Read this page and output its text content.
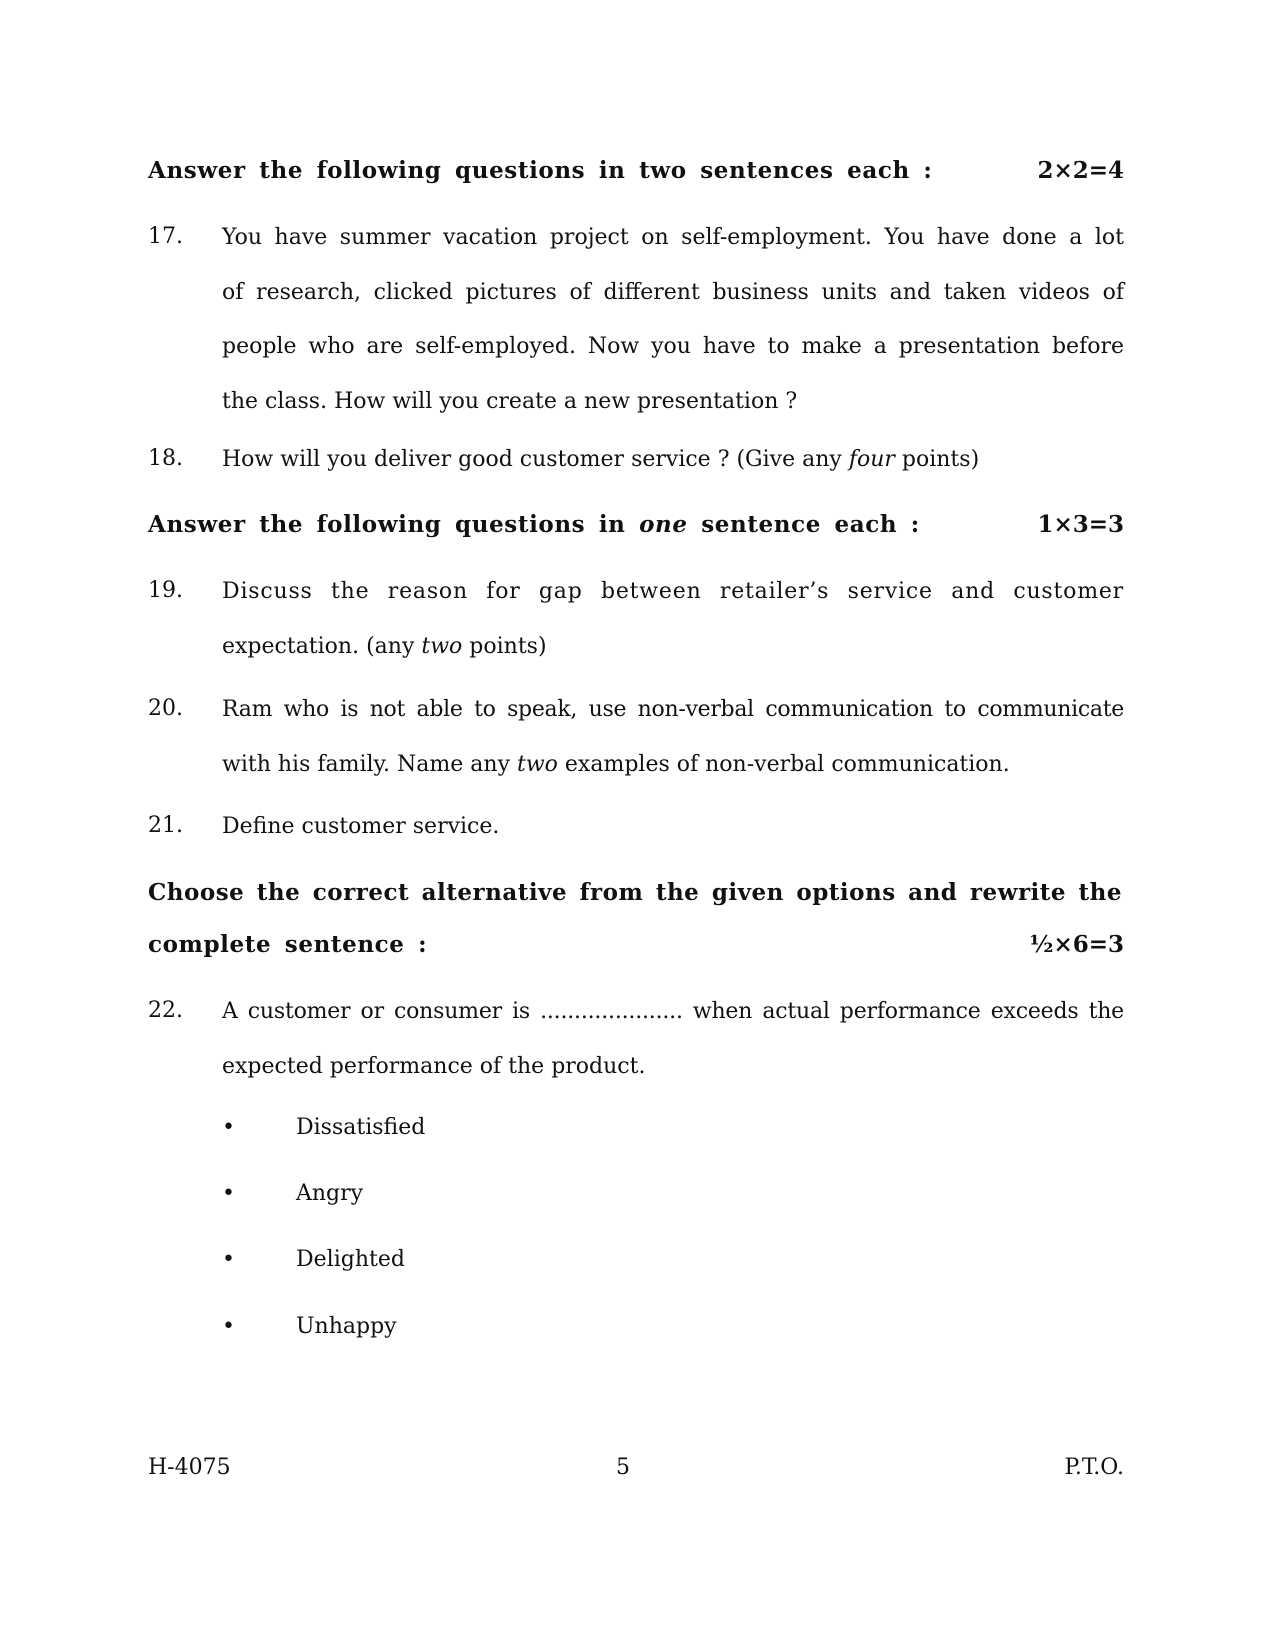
Answer the following questions in two sentences each :	2×2=4
17. You have summer vacation project on self-employment. You have done a lot
of research, clicked pictures of different business units and taken videos of
people who are self-employed. Now you have to make a presentation before
the class. How will you create a new presentation ?
18. How will you deliver good customer service ? (Give any four points)
Answer the following questions in one sentence each :	1×3=3
19. Discuss the reason for gap between retailer’s service and customer
expectation. (any two points)
20. Ram who is not able to speak, use non-verbal communication to communicate
with his family. Name any two examples of non-verbal communication.
21. Define customer service.
Choose the correct alternative from the given options and rewrite the
complete sentence :	½×6=3
22. A customer or consumer is ..................... when actual performance exceeds the
expected performance of the product.
•	Dissatisfied
•	Angry
•	Delighted
•	Unhappy
H-4075	5	P.T.O.
